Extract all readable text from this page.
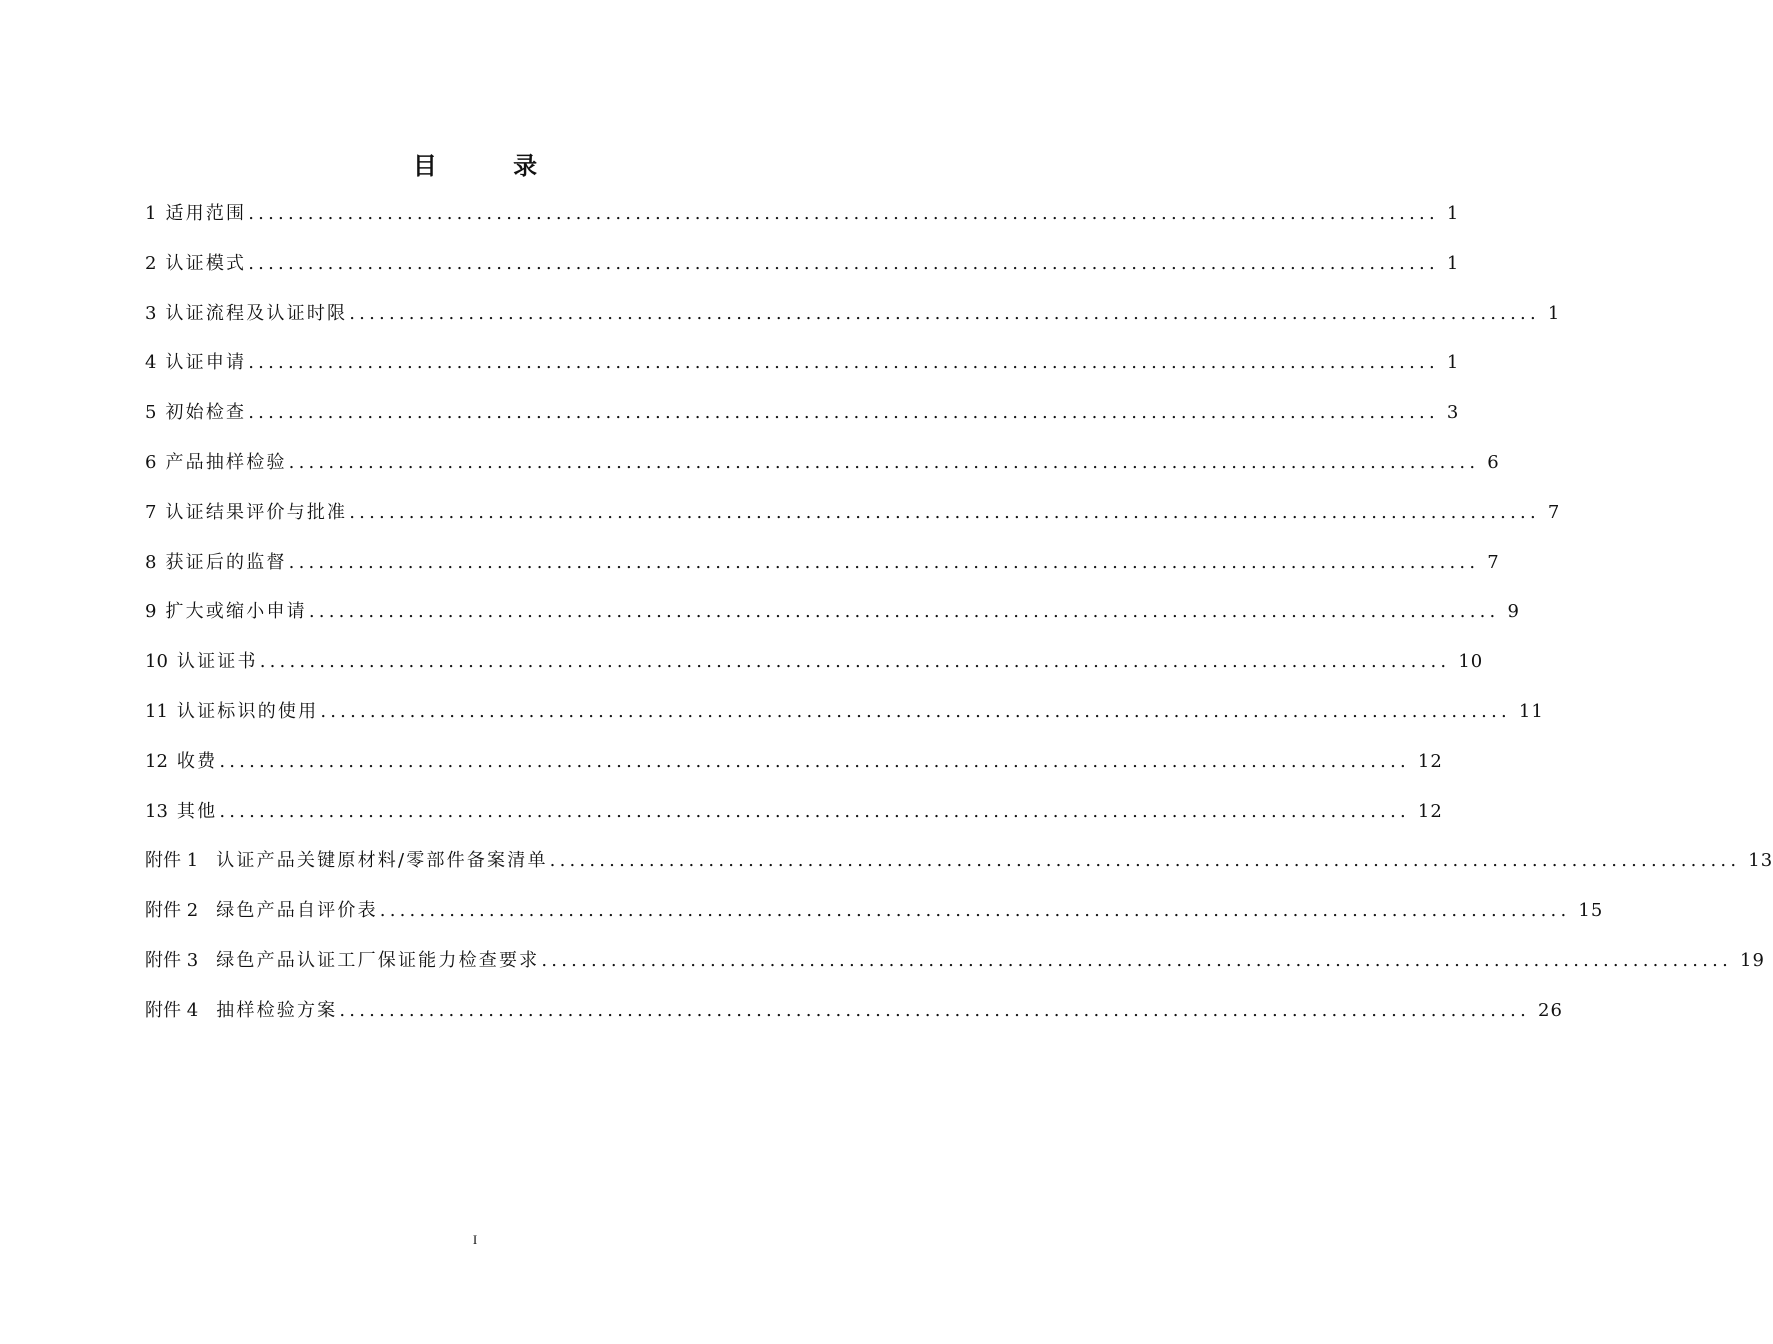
目 录
1 适用范围 ........................................................................................................................ 1
2 认证模式 ........................................................................................................................ 1
3 认证流程及认证时限 ........................................................................................................................ 1
4 认证申请 ........................................................................................................................ 1
5 初始检查 ........................................................................................................................ 3
6 产品抽样检验 ........................................................................................................................ 6
7 认证结果评价与批准 ........................................................................................................................ 7
8 获证后的监督 ........................................................................................................................ 7
9 扩大或缩小申请 ........................................................................................................................ 9
10 认证证书 ........................................................................................................................ 10
11 认证标识的使用 ........................................................................................................................ 11
12 收费 ........................................................................................................................ 12
13 其他 ........................................................................................................................ 12
附件 1 认证产品关键原材料/零部件备案清单 ........................................................................................................................ 13
附件 2 绿色产品自评价表 ........................................................................................................................ 15
附件 3 绿色产品认证工厂保证能力检查要求 ........................................................................................................................ 19
附件 4 抽样检验方案 ........................................................................................................................ 26
I
